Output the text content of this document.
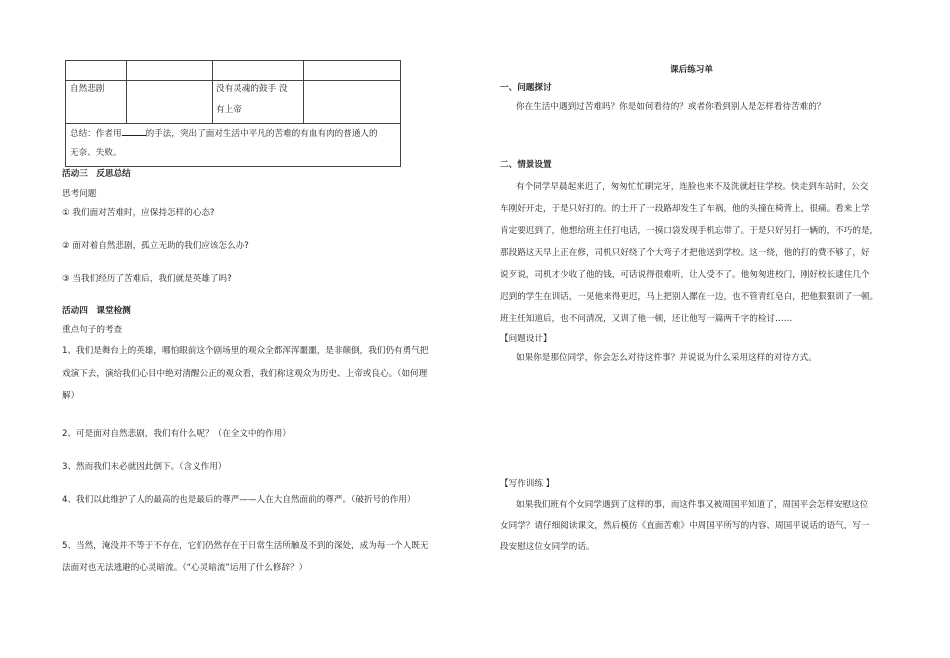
自然悲剧	没有灵魂的鼓手 没
有上帝
总结：作者用	的手法，突出了面对生活中平凡的苦难的有血有肉的普通人的
无奈、失败。
活动三　反思总结
思考问题
① 我们面对苦难时，应保持怎样的心态?
② 面对着自然悲剧，孤立无助的我们应该怎么办?
③ 当我们经历了苦难后，我们就是英雄了吗?
活动四　课堂检测
重点句子的考查
1、我们是舞台上的英雄，哪怕眼前这个剧场里的观众全都浑浑噩噩，是非颠倒，我们仍有勇气把
戏演下去，演给我们心目中绝对清醒公正的观众看，我们称这观众为历史、上帝或良心。（如何理
解）
2、可是面对自然悲剧，我们有什么呢？（在全文中的作用）
3、然而我们未必就因此倒下。（含义作用）
4、我们以此维护了人的最高的也是最后的尊严——人在大自然面前的尊严。（破折号的作用）
5、当然，淹没并不等于不存在，它们仍然存在于日常生活所触及不到的深处，成为每一个人既无
法面对也无法逃避的心灵暗流。（“心灵暗流”运用了什么修辞？）
课后练习单
一、问题探讨
你在生活中遇到过苦难吗？你是如何看待的？或者你看到别人是怎样看待苦难的？
二、情景设置
有个同学早晨起来迟了，匆匆忙忙刷完牙，连脸也来不及洗就赶往学校。快走到车站时，公交
车刚好开走，于是只好打的。的士开了一段路却发生了车祸，他的头撞在椅背上，很痛。看来上学
肯定要迟到了，他想给班主任打电话，一摸口袋发现手机忘带了。于是只好另打一辆的，不巧的是，
那段路这天早上正在修，司机只好绕了个大弯子才把他送到学校。这一绕，他的打的费不够了，好
说歹说，司机才少收了他的钱，可话说得很难听，让人受不了。他匆匆进校门，刚好校长逮住几个
迟到的学生在训话，一见他来得更迟，马上把别人摞在一边，也不管青红皂白，把他狠狠训了一顿。
班主任知道后，也不问清况，又训了他一顿，还让他写一篇两千字的检讨……
【问题设计】
如果你是那位同学，你会怎么对待这件事？并说说为什么采用这样的对待方式。
【写作训练 】
如果我们班有个女同学遇到了这样的事，而这件事又被周国平知道了，周国平会怎样安慰这位
女同学？请仔细阅读课文，然后模仿《直面苦难》中周国平所写的内容、周国平说话的语气，写一
段安慰这位女同学的话。
